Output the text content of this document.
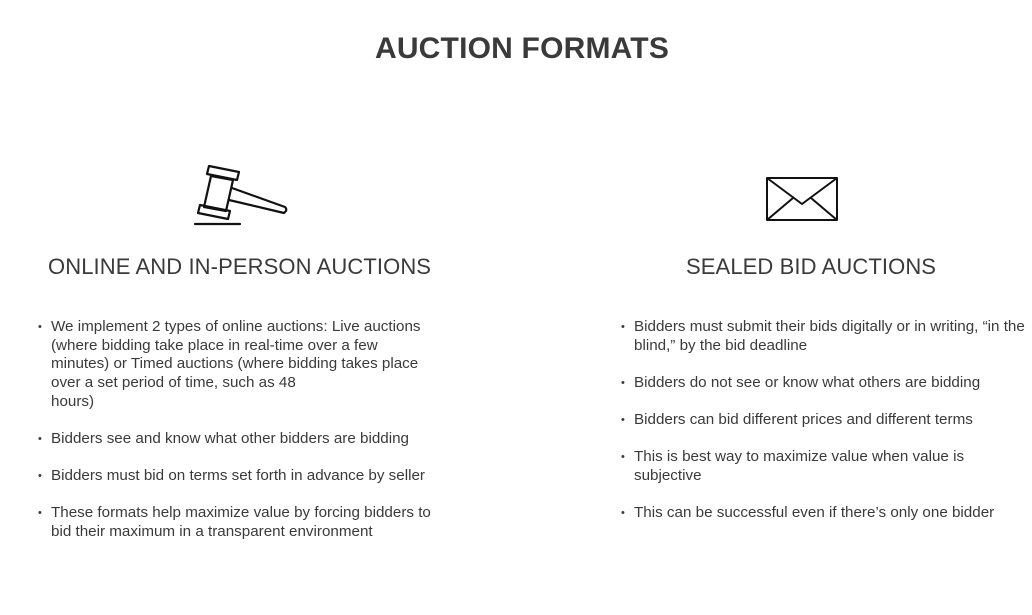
AUCTION FORMATS
ONLINE AND IN-PERSON AUCTIONS	SEALED BID AUCTIONS
• We implement 2 types of online auctions: Live auctions
(where bidding take place in real-time over a few
minutes) or Timed auctions (where bidding takes place
over a set period of time, such as 48
hours)
• Bidders see and know what other bidders are bidding
• Bidders must bid on terms set forth in advance by seller
• These formats help maximize value by forcing bidders to bid their maximum in a transparent environment
• Bidders must submit their bids digitally or in writing, “in the blind,” by the bid deadline
• Bidders do not see or know what others are bidding
• Bidders can bid different prices and different terms
• This is best way to maximize value when value is subjective
• This can be successful even if there’s only one bidder
